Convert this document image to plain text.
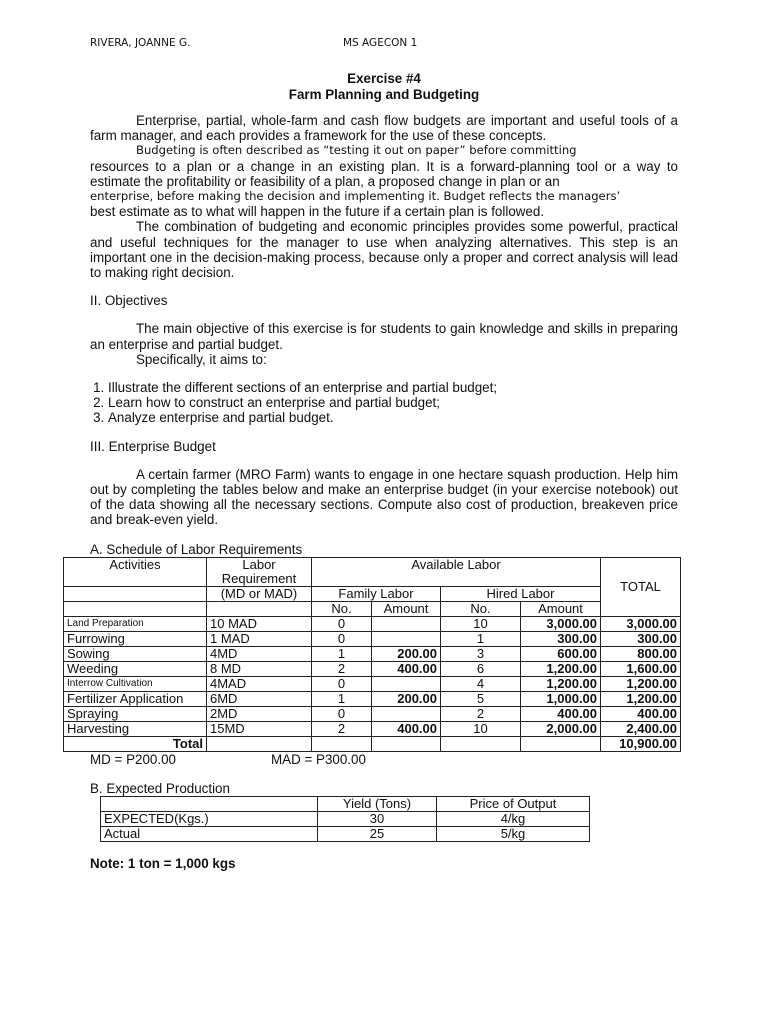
RIVERA, JOANNE G.	MS AGECON 1
Exercise #4
Farm Planning and Budgeting

Enterprise, partial, whole-farm and cash flow budgets are important and useful tools of a farm manager, and each provides a framework for the use of these concepts.

Budgeting is often described as “testing it out on paper” before committing

resources to a plan or a change in an existing plan. It is a forward-planning tool or a way to estimate the profitability or feasibility of a plan, a proposed change in plan or an

enterprise, before making the decision and implementing it. Budget reflects the managers’

best estimate as to what will happen in the future if a certain plan is followed.

The combination of budgeting and economic principles provides some powerful, practical and useful techniques for the manager to use when analyzing alternatives. This step is an important one in the decision-making process, because only a proper and correct analysis will lead to making right decision.

II. Objectives

The main objective of this exercise is for students to gain knowledge and skills in preparing an enterprise and partial budget.

Specifically, it aims to:

1. Illustrate the different sections of an enterprise and partial budget;
2. Learn how to construct an enterprise and partial budget;
3. Analyze enterprise and partial budget.

III. Enterprise Budget

A certain farmer (MRO Farm) wants to engage in one hectare squash production. Help him out by completing the tables below and make an enterprise budget (in your exercise notebook) out of the data showing all the necessary sections. Compute also cost of production, breakeven price and break-even yield.

A. Schedule of Labor Requirements
Activities	Labor Requirement	Available Labor				TOTAL
	(MD or MAD)	Family Labor		Hired Labor		
		No.	Amount	No.	Amount	
Land Preparation	10 MAD	0		10	3,000.00	3,000.00
Furrowing	1 MAD	0		1	300.00	300.00
Sowing	4MD	1	200.00	3	600.00	800.00
Weeding	8 MD	2	400.00	6	1,200.00	1,600.00
Interrow Cultivation	4MAD	0		4	1,200.00	1,200.00
Fertilizer Application	6MD	1	200.00	5	1,000.00	1,200.00
Spraying	2MD	0		2	400.00	400.00
Harvesting	15MD	2	400.00	10	2,000.00	2,400.00
Total						10,900.00
MD = P200.00	MAD = P300.00
B. Expected Production
	Yield (Tons)	Price of Output
EXPECTED(Kgs.)	30	4/kg
Actual	25	5/kg
Note: 1 ton = 1,000 kgs
